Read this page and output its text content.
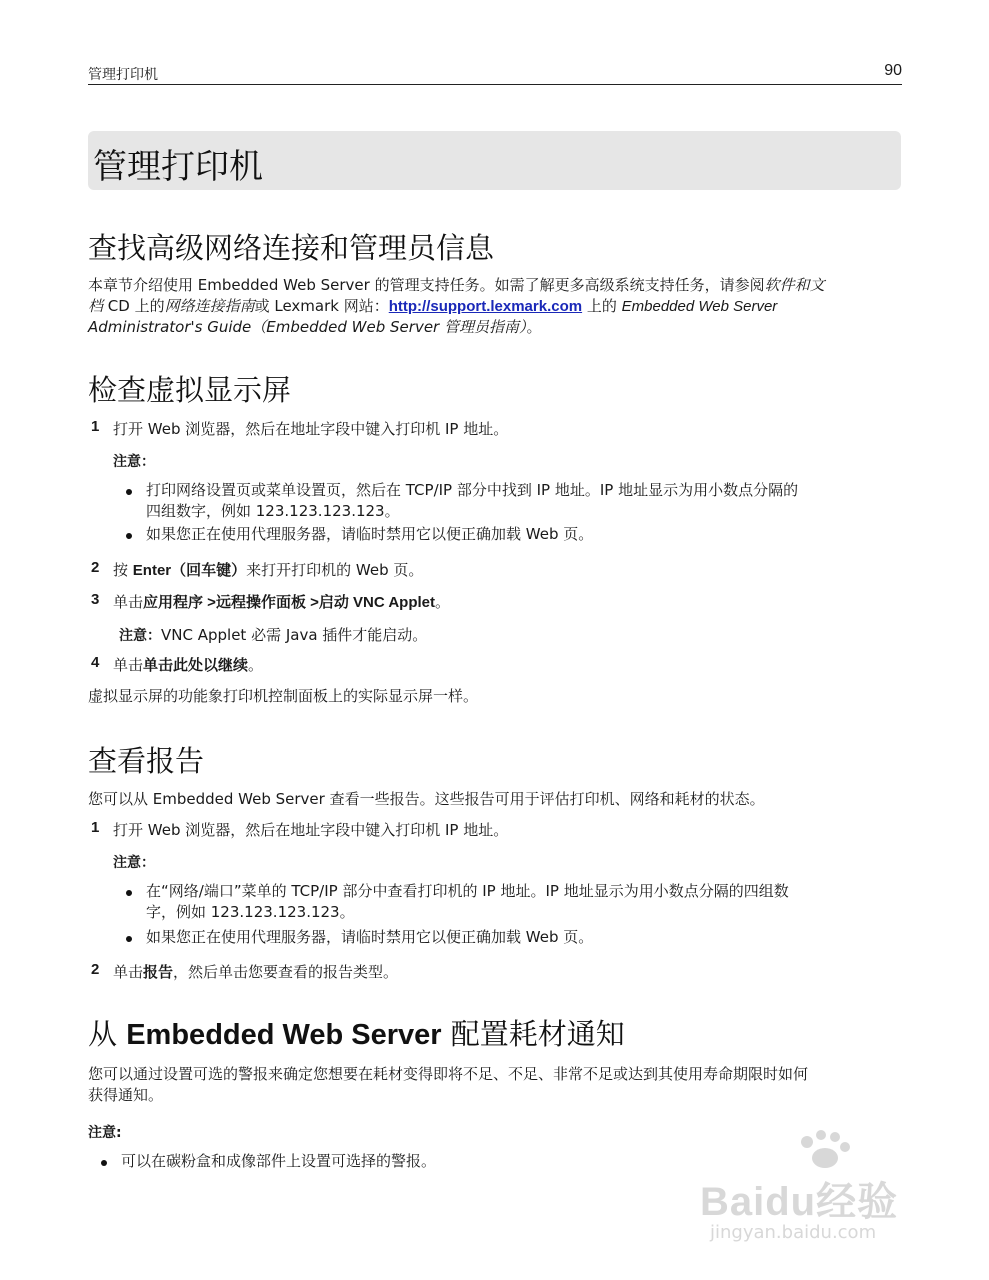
管理打印机	90
管理打印机
查找高级网络连接和管理员信息
本章节介绍使用 Embedded Web Server 的管理支持任务。如需了解更多高级系统支持任务，请参阅软件和文
档 CD 上的网络连接指南或 Lexmark 网站：http://support.lexmark.com 上的 Embedded Web Server
Administrator's Guide（Embedded Web Server 管理员指南）。
检查虚拟显示屏
1 打开 Web 浏览器，然后在地址字段中键入打印机 IP 地址。
注意：
打印网络设置页或菜单设置页，然后在 TCP/IP 部分中找到 IP 地址。IP 地址显示为用小数点分隔的
四组数字，例如 123.123.123.123。
如果您正在使用代理服务器，请临时禁用它以便正确加载 Web 页。
2 按 Enter（回车键）来打开打印机的 Web 页。
3 单击应用程序 >远程操作面板 >启动 VNC Applet。
注意：VNC Applet 必需 Java 插件才能启动。
4 单击单击此处以继续。
虚拟显示屏的功能象打印机控制面板上的实际显示屏一样。
查看报告
您可以从 Embedded Web Server 查看一些报告。这些报告可用于评估打印机、网络和耗材的状态。
1 打开 Web 浏览器，然后在地址字段中键入打印机 IP 地址。
注意：
在“网络/端口”菜单的 TCP/IP 部分中查看打印机的 IP 地址。IP 地址显示为用小数点分隔的四组数
字，例如 123.123.123.123。
如果您正在使用代理服务器，请临时禁用它以便正确加载 Web 页。
2 单击报告，然后单击您要查看的报告类型。
从 Embedded Web Server 配置耗材通知
您可以通过设置可选的警报来确定您想要在耗材变得即将不足、不足、非常不足或达到其使用寿命期限时如何
获得通知。
注意:
可以在碳粉盒和成像部件上设置可选择的警报。
Baidu经验
jingyan.baidu.com
